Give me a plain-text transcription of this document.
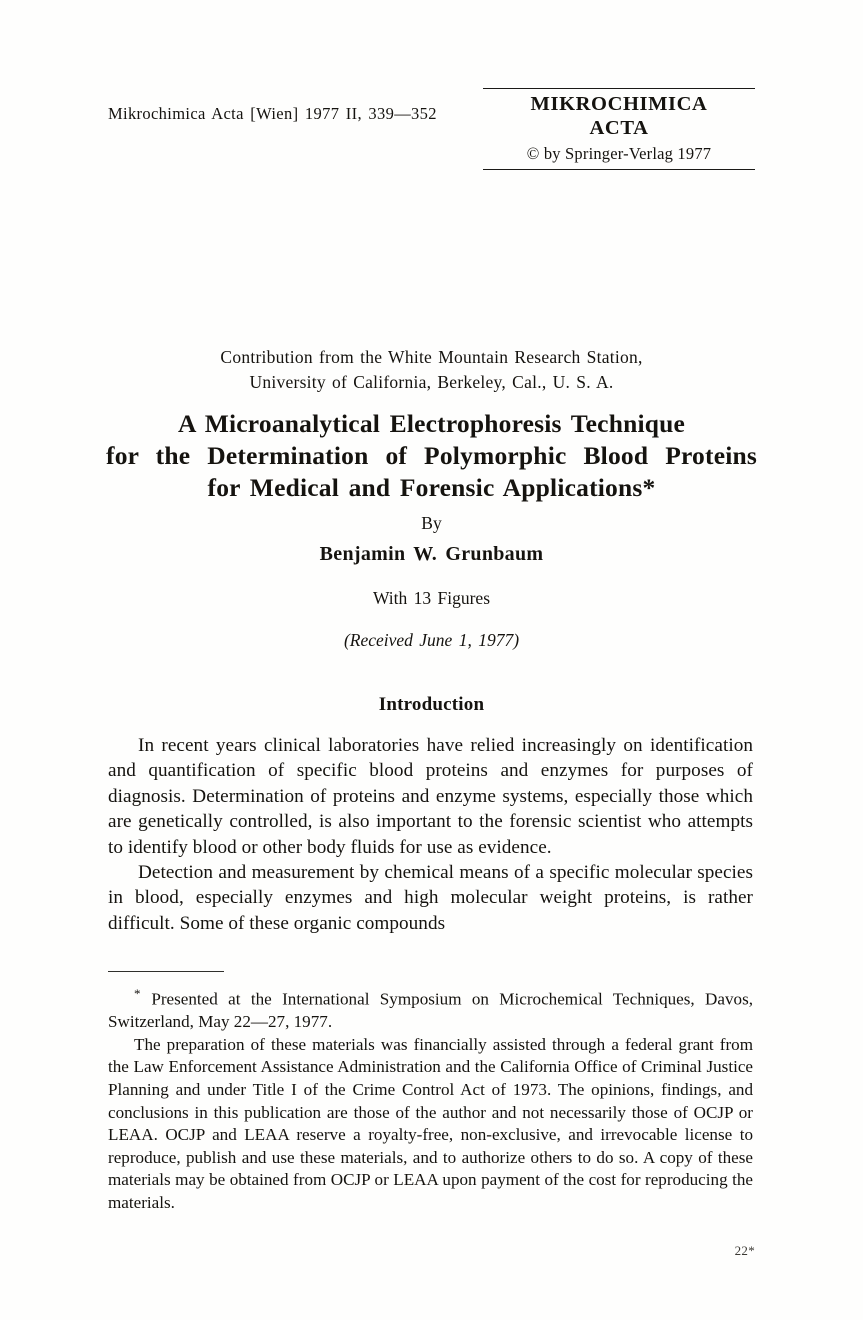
Mikrochimica Acta [Wien] 1977 II, 339—352	MIKROCHIMICA
ACTA
© by Springer-Verlag 1977
Contribution from the White Mountain Research Station,
University of California, Berkeley, Cal., U. S. A.
A Microanalytical Electrophoresis Technique
for the Determination of Polymorphic Blood Proteins
for Medical and Forensic Applications*
By
Benjamin W. Grunbaum
With 13 Figures
(Received June 1, 1977)
Introduction

In recent years clinical laboratories have relied increasingly on identification and quantification of specific blood proteins and enzymes for purposes of diagnosis. Determination of proteins and enzyme systems, especially those which are genetically controlled, is also important to the forensic scientist who attempts to identify blood or other body fluids for use as evidence.

Detection and measurement by chemical means of a specific molecular species in blood, especially enzymes and high molecular weight proteins, is rather difficult. Some of these organic compounds

* Presented at the International Symposium on Microchemical Techniques, Davos, Switzerland, May 22—27, 1977.

The preparation of these materials was financially assisted through a federal grant from the Law Enforcement Assistance Administration and the California Office of Criminal Justice Planning and under Title I of the Crime Control Act of 1973. The opinions, findings, and conclusions in this publication are those of the author and not necessarily those of OCJP or LEAA. OCJP and LEAA reserve a royalty-free, non-exclusive, and irrevocable license to reproduce, publish and use these materials, and to authorize others to do so. A copy of these materials may be obtained from OCJP or LEAA upon payment of the cost for reproducing the materials.

22*
